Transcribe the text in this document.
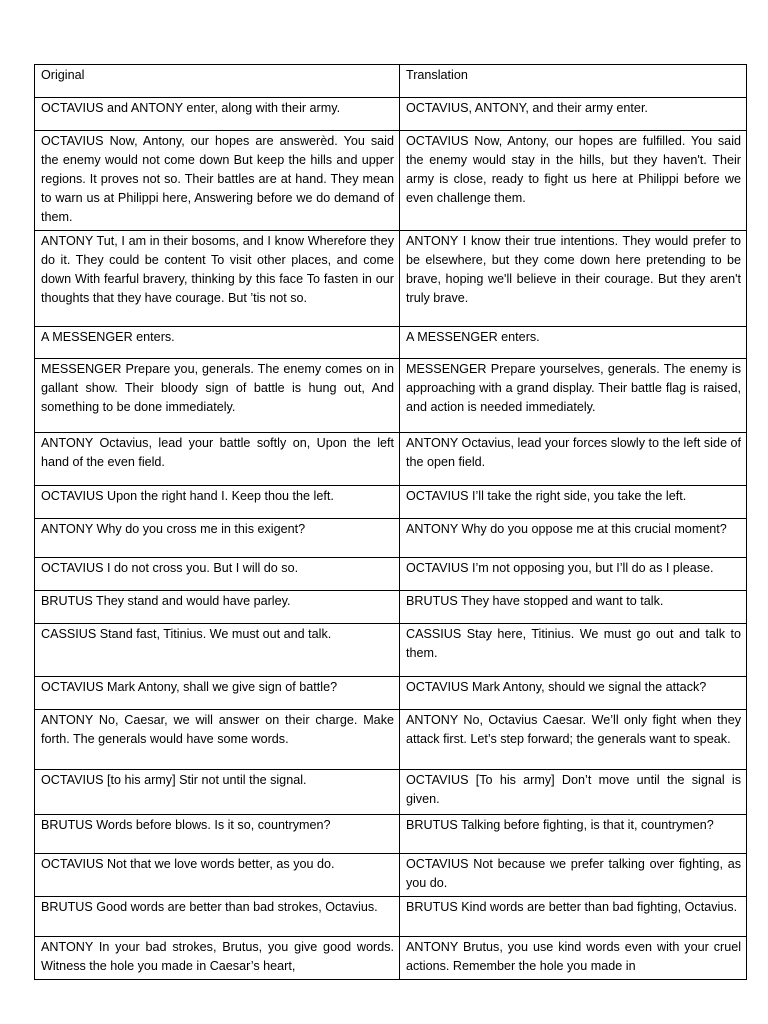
Original	Translation
OCTAVIUS and ANTONY enter, along with their army.	OCTAVIUS, ANTONY, and their army enter.
OCTAVIUS Now, Antony, our hopes are answerèd. You said the enemy would not come down But keep the hills and upper regions. It proves not so. Their battles are at hand. They mean to warn us at Philippi here, Answering before we do demand of them.	OCTAVIUS Now, Antony, our hopes are fulfilled. You said the enemy would stay in the hills, but they haven't. Their army is close, ready to fight us here at Philippi before we even challenge them.
ANTONY Tut, I am in their bosoms, and I know Wherefore they do it. They could be content To visit other places, and come down With fearful bravery, thinking by this face To fasten in our thoughts that they have courage. But ’tis not so.	ANTONY I know their true intentions. They would prefer to be elsewhere, but they come down here pretending to be brave, hoping we'll believe in their courage. But they aren't truly brave.
A MESSENGER enters.	A MESSENGER enters.
MESSENGER Prepare you, generals. The enemy comes on in gallant show. Their bloody sign of battle is hung out, And something to be done immediately.	MESSENGER Prepare yourselves, generals. The enemy is approaching with a grand display. Their battle flag is raised, and action is needed immediately.
ANTONY Octavius, lead your battle softly on, Upon the left hand of the even field.	ANTONY Octavius, lead your forces slowly to the left side of the open field.
OCTAVIUS Upon the right hand I. Keep thou the left.	OCTAVIUS I’ll take the right side, you take the left.
ANTONY Why do you cross me in this exigent?	ANTONY Why do you oppose me at this crucial moment?
OCTAVIUS I do not cross you. But I will do so.	OCTAVIUS I’m not opposing you, but I’ll do as I please.
BRUTUS They stand and would have parley.	BRUTUS They have stopped and want to talk.
CASSIUS Stand fast, Titinius. We must out and talk.	CASSIUS Stay here, Titinius. We must go out and talk to them.
OCTAVIUS Mark Antony, shall we give sign of battle?	OCTAVIUS Mark Antony, should we signal the attack?
ANTONY No, Caesar, we will answer on their charge. Make forth. The generals would have some words.	ANTONY No, Octavius Caesar. We’ll only fight when they attack first. Let’s step forward; the generals want to speak.
OCTAVIUS [to his army] Stir not until the signal.	OCTAVIUS [To his army] Don’t move until the signal is given.
BRUTUS Words before blows. Is it so, countrymen?	BRUTUS Talking before fighting, is that it, countrymen?
OCTAVIUS Not that we love words better, as you do.	OCTAVIUS Not because we prefer talking over fighting, as you do.
BRUTUS Good words are better than bad strokes, Octavius.	BRUTUS Kind words are better than bad fighting, Octavius.
ANTONY In your bad strokes, Brutus, you give good words. Witness the hole you made in Caesar’s heart,	ANTONY Brutus, you use kind words even with your cruel actions. Remember the hole you made in
